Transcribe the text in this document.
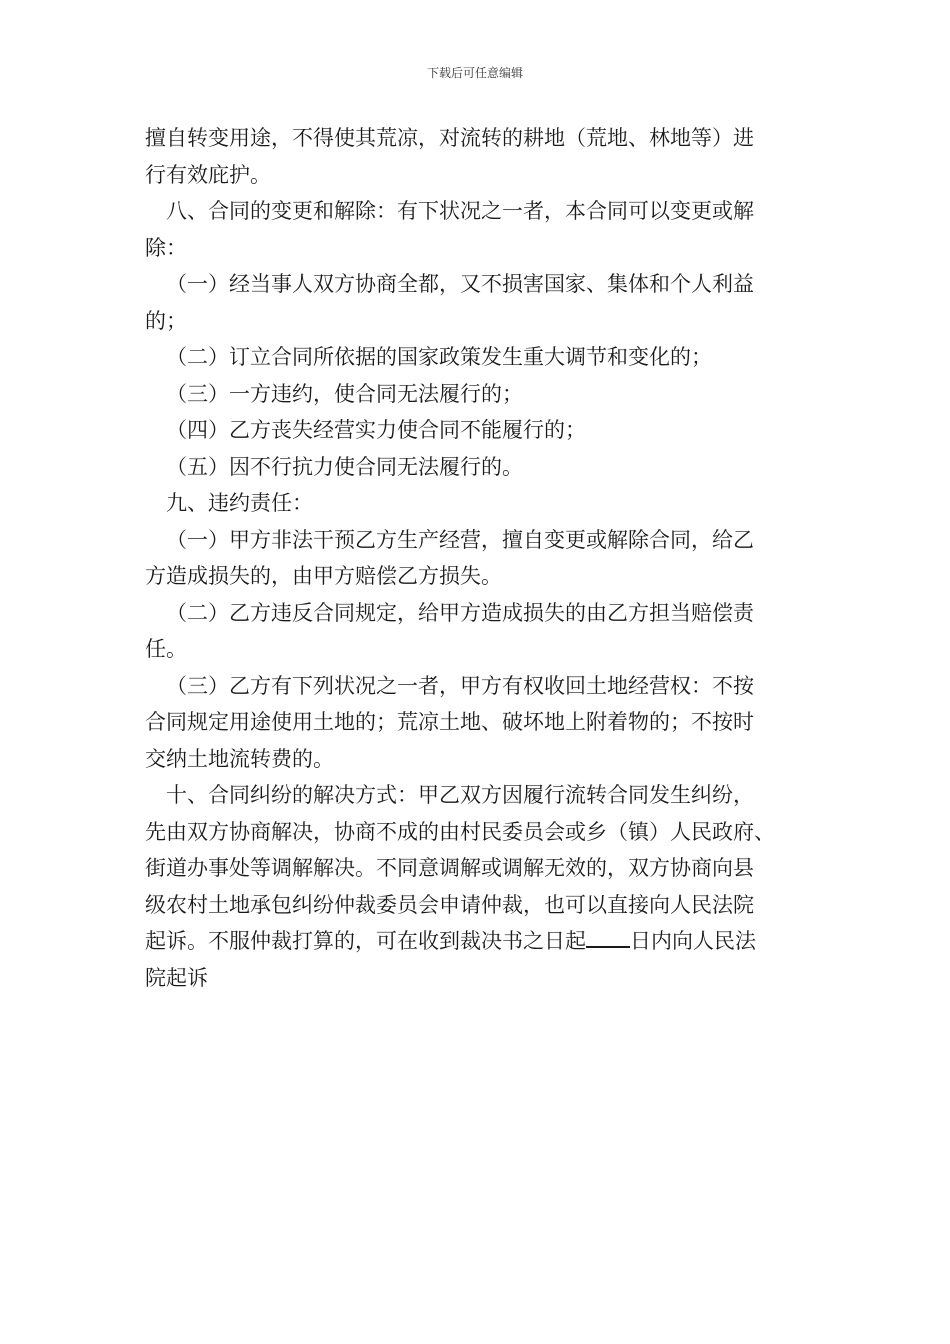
下载后可任意编辑
擅自转变用途，不得使其荒凉，对流转的耕地（荒地、林地等）进
行有效庇护。
八、合同的变更和解除：有下状况之一者，本合同可以变更或解
除：
（一）经当事人双方协商全都，又不损害国家、集体和个人利益
的；
（二）订立合同所依据的国家政策发生重大调节和变化的；
（三）一方违约，使合同无法履行的；
（四）乙方丧失经营实力使合同不能履行的；
（五）因不行抗力使合同无法履行的。
九、违约责任：
（一）甲方非法干预乙方生产经营，擅自变更或解除合同，给乙
方造成损失的，由甲方赔偿乙方损失。
（二）乙方违反合同规定，给甲方造成损失的由乙方担当赔偿责
任。
（三）乙方有下列状况之一者，甲方有权收回土地经营权：不按
合同规定用途使用土地的；荒凉土地、破坏地上附着物的；不按时
交纳土地流转费的。
十、合同纠纷的解决方式：甲乙双方因履行流转合同发生纠纷，
先由双方协商解决，协商不成的由村民委员会或乡（镇）人民政府、
街道办事处等调解解决。不同意调解或调解无效的，双方协商向县
级农村土地承包纠纷仲裁委员会申请仲裁，也可以直接向人民法院
起诉。不服仲裁打算的，可在收到裁决书之日起 日内向人民法
院起诉
